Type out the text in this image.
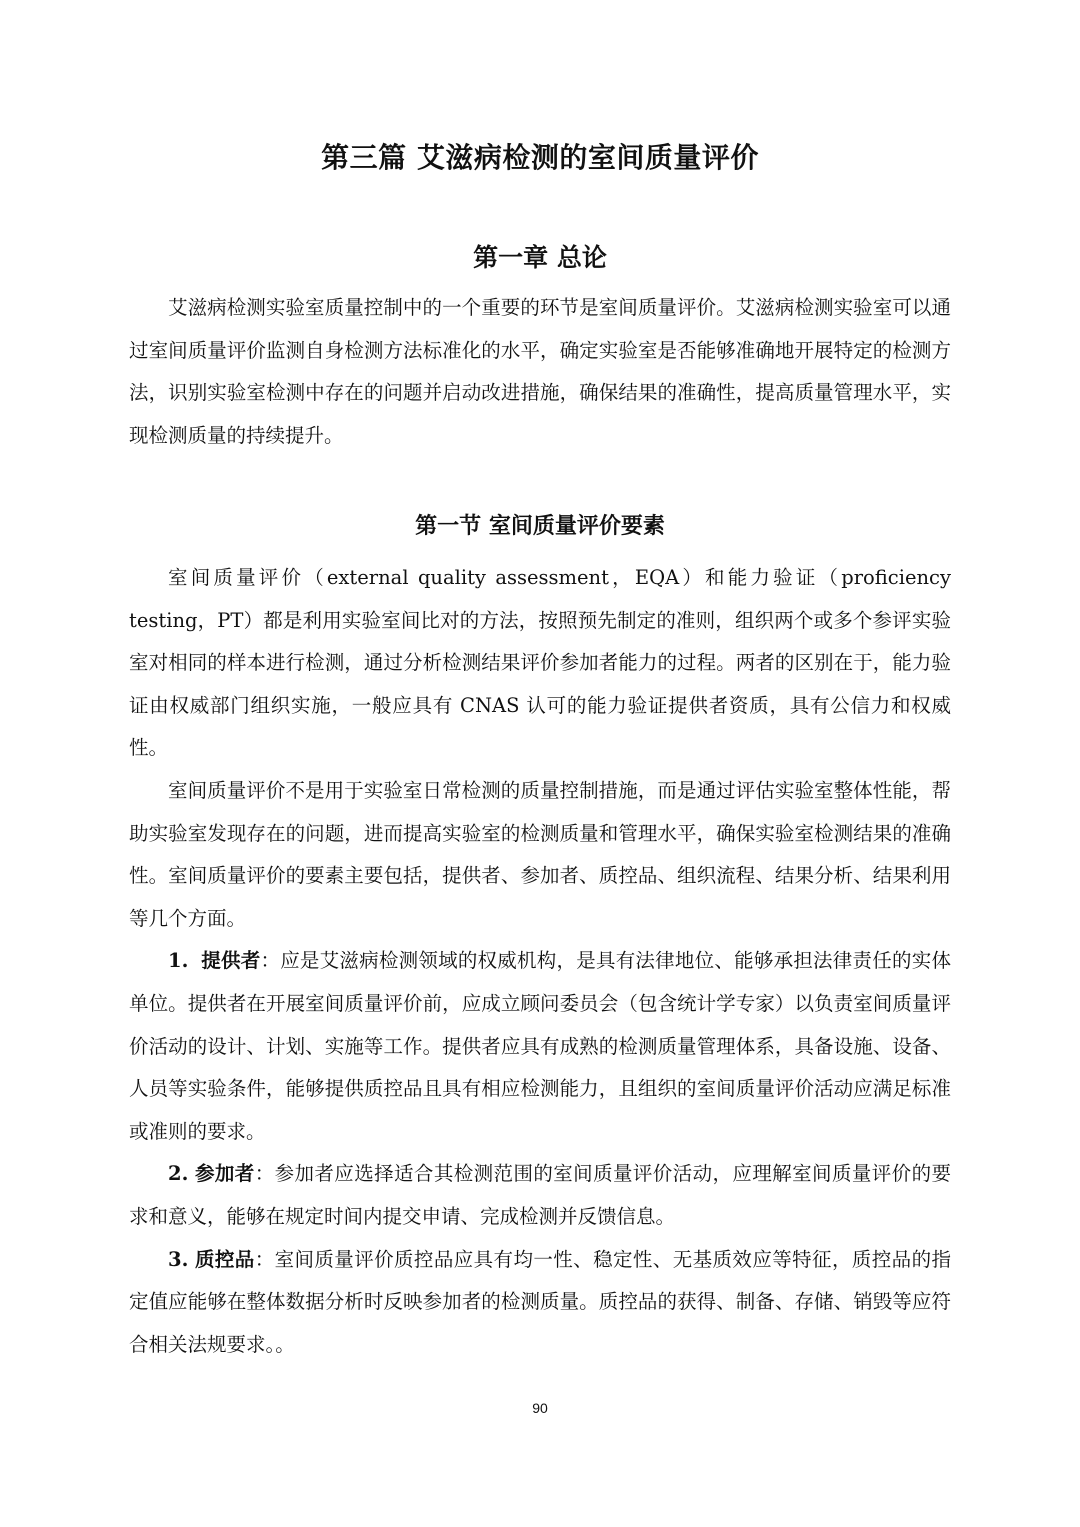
第三篇 艾滋病检测的室间质量评价
第一章 总论

艾滋病检测实验室质量控制中的一个重要的环节是室间质量评价。艾滋病检测实验室可以通过室间质量评价监测自身检测方法标准化的水平，确定实验室是否能够准确地开展特定的检测方法，识别实验室检测中存在的问题并启动改进措施，确保结果的准确性，提高质量管理水平，实现检测质量的持续提升。

第一节 室间质量评价要素

室间质量评价（external quality assessment，EQA）和能力验证（proficiency testing，PT）都是利用实验室间比对的方法，按照预先制定的准则，组织两个或多个参评实验室对相同的样本进行检测，通过分析检测结果评价参加者能力的过程。两者的区别在于，能力验证由权威部门组织实施，一般应具有 CNAS 认可的能力验证提供者资质，具有公信力和权威性。

室间质量评价不是用于实验室日常检测的质量控制措施，而是通过评估实验室整体性能，帮助实验室发现存在的问题，进而提高实验室的检测质量和管理水平，确保实验室检测结果的准确性。室间质量评价的要素主要包括，提供者、参加者、质控品、组织流程、结果分析、结果利用等几个方面。

1. 提供者：应是艾滋病检测领域的权威机构，是具有法律地位、能够承担法律责任的实体单位。提供者在开展室间质量评价前，应成立顾问委员会（包含统计学专家）以负责室间质量评价活动的设计、计划、实施等工作。提供者应具有成熟的检测质量管理体系，具备设施、设备、人员等实验条件，能够提供质控品且具有相应检测能力，且组织的室间质量评价活动应满足标准或准则的要求。

2. 参加者：参加者应选择适合其检测范围的室间质量评价活动，应理解室间质量评价的要求和意义，能够在规定时间内提交申请、完成检测并反馈信息。

3. 质控品：室间质量评价质控品应具有均一性、稳定性、无基质效应等特征，质控品的指定值应能够在整体数据分析时反映参加者的检测质量。质控品的获得、制备、存储、销毁等应符合相关法规要求。。

90
